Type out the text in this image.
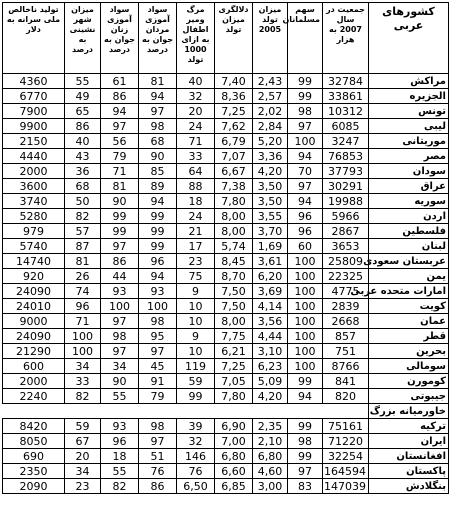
کشورهای عربی	جمعیت در سال 2007 به هزار	سهم مسلمانان	میزان تولد 2005	دلالگری میزان تولد	مرگ ومیر اطفال به ازای 1000 تولد	سواد آموزی مردان جوان به درصد	سواد آموزی زنان جوان به درصد	میزان شهر نشینی به درصد	تولید ناخالص ملی سرانه به دلار
مراکش	32784	99	2,43	7,40	40	81	61	55	4360
الجزیره	33861	99	2,57	8,36	32	94	86	49	6770
تونس	10312	98	2,02	7,25	20	97	94	65	7900
لیبی	6085	97	2,84	7,62	24	98	97	86	9900
موریتانی	3247	100	5,20	6,79	71	68	56	40	2150
مصر	76853	94	3,36	7,07	33	90	79	43	4440
سودان	37793	70	4,20	6,67	64	85	71	36	2000
عراق	30291	97	3,50	7,38	88	89	81	68	3600
سوریه	19988	94	3,50	7,80	18	94	90	50	3740
اردن	5966	96	3,55	8,00	24	99	99	82	5280
فلسطین	2867	96	3,70	8,00	21	99	99	57	979
لبنان	3653	60	1,69	5,74	17	99	97	87	5740
عربستان سعودی	25809	100	3,61	8,45	23	96	86	81	14740
یمن	22325	100	6,20	8,70	75	94	44	26	920
امارات متحده عربی	4775	100	3,69	7,50	9	93	93	74	24090
کویت	2839	100	4,14	7,50	10	100	100	96	24010
عمان	2668	100	3,56	8,00	10	98	97	71	9000
قطر	857	100	4,44	7,75	9	95	98	100	24090
بحرین	751	100	3,10	6,21	10	97	97	100	21290
سومالی	8766	100	6,23	7,25	119	45	34	34	600
کومورن	841	99	5,09	7,05	59	91	90	33	2000
جیبوتی	820	94	4,20	7,80	99	79	55	82	2240
خاورمیانه بزرگ									
ترکیه	75161	99	2,35	6,90	39	98	93	59	8420
ایران	71220	98	2,10	7,00	32	97	96	67	8050
افغانستان	32254	99	6,80	6,80	146	51	18	20	690
پاکستان	164594	97	4,60	6,60	76	76	55	34	2350
بنگلادش	147039	83	3,00	6,85	6,50	86	82	23	2090
